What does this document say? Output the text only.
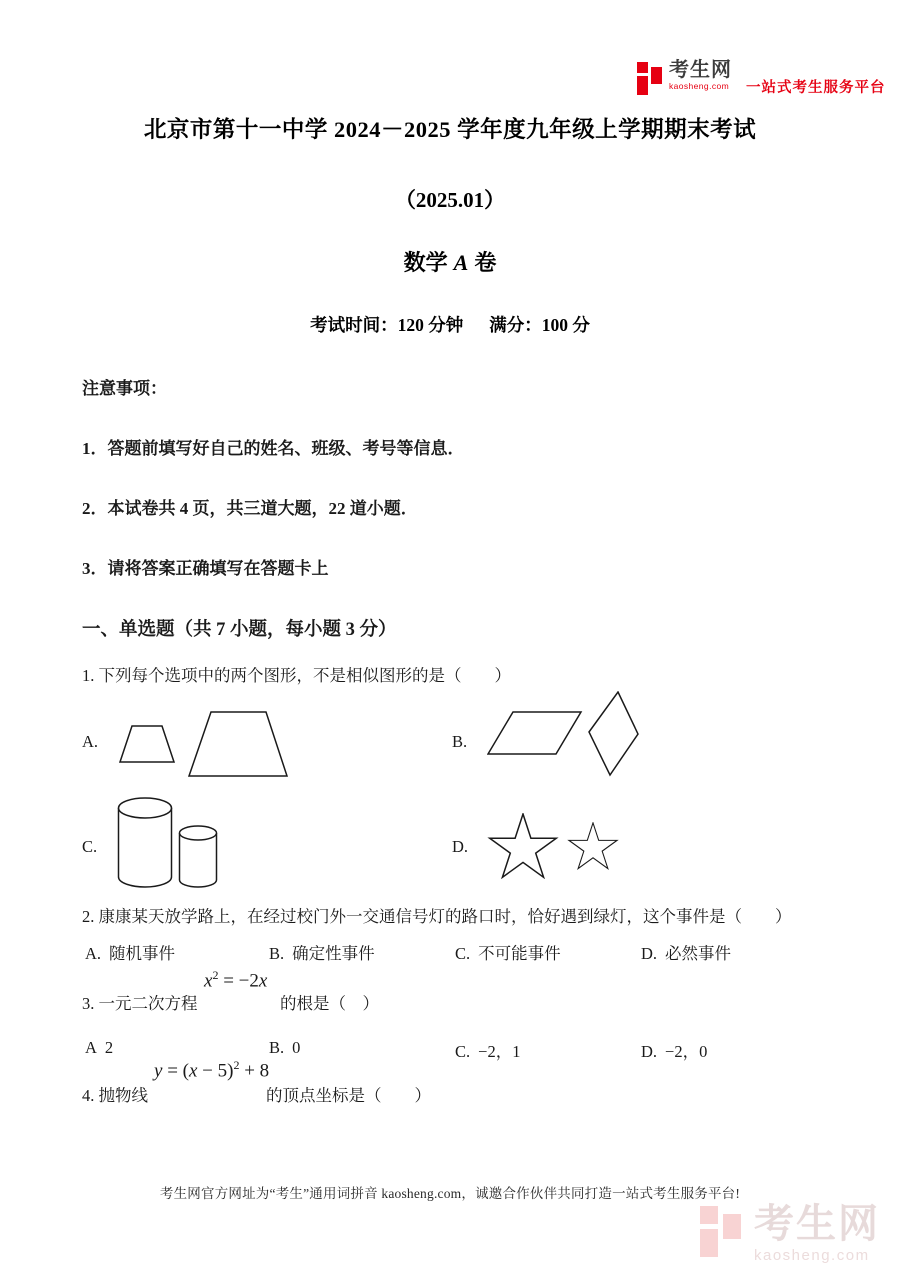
考生网
kaosheng.com 一站式考生服务平台
北京市第十一中学 2024－2025 学年度九年级上学期期末考试
（2025.01）
数学 A 卷
考试时间：120 分钟 满分：100 分
注意事项：
1．答题前填写好自己的姓名、班级、考号等信息．
2．本试卷共 4 页，共三道大题，22 道小题．
3．请将答案正确填写在答题卡上
一、单选题（共 7 小题，每小题 3 分）
1. 下列每个选项中的两个图形，不是相似图形的是（　　）
A.	B.
C.	D.
2. 康康某天放学路上，在经过校门外一交通信号灯的路口时，恰好遇到绿灯，这个事件是（　　）
A. 随机事件	B. 确定性事件	C. 不可能事件	D. 必然事件
3. 一元二次方程
$x^2 = -2x$
的根是（　）
A 2	B. 0	C. −2，1	D. −2，0
4. 抛物线
$y = (x - 5)^2 + 8$
的顶点坐标是（　　）
考生网官方网址为“考生”通用词拼音 kaosheng.com，诚邀合作伙伴共同打造一站式考生服务平台!
考生网
kaosheng.com
